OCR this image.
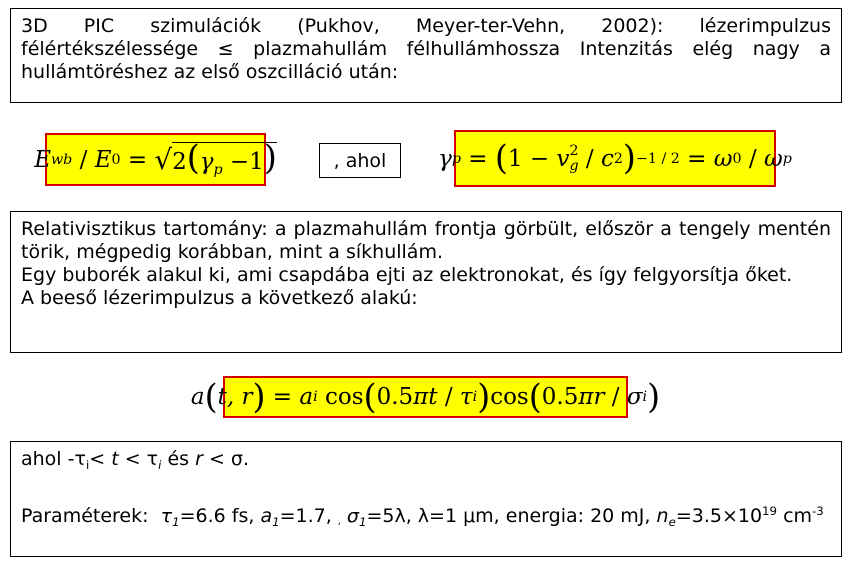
3D PIC szimulációk (Pukhov, Meyer-ter-Vehn, 2002): lézerimpulzus félértékszélessége ≤ plazmahullám félhullámhossza Intenzitás elég nagy a hullámtöréshez az első oszcilláció után:

E wb / E 0 = √ $2(\gamma_p -1)$	, ahol γ p = ( 1 − v 2
g / c 2 ) −1 / 2 = ω 0 / ω p

Relativisztikus tartomány: a plazmahullám frontja görbült, először a tengely mentén törik, mégpedig korábban, mint a síkhullám.

Egy buborék alakul ki, ami csapdába ejti az elektronokat, és így felgyorsítja őket.

A beeső lézerimpulzus a következő alakú:

a ( t, r ) = a i
cos ( 0.5 π t / τ i ) cos ( 0.5 π r / σ i )

ahol $-\tau_i< t < \tau_i$ és r < σ.

Paraméterek: $\tau_1=6.6$ fs, $a_1=1.7$, , $\sigma_1=5\lambda$, λ=1 μm, energia: 20 mJ, $n_e=3.5\times 10^{19}$ $cm^{-3}$
